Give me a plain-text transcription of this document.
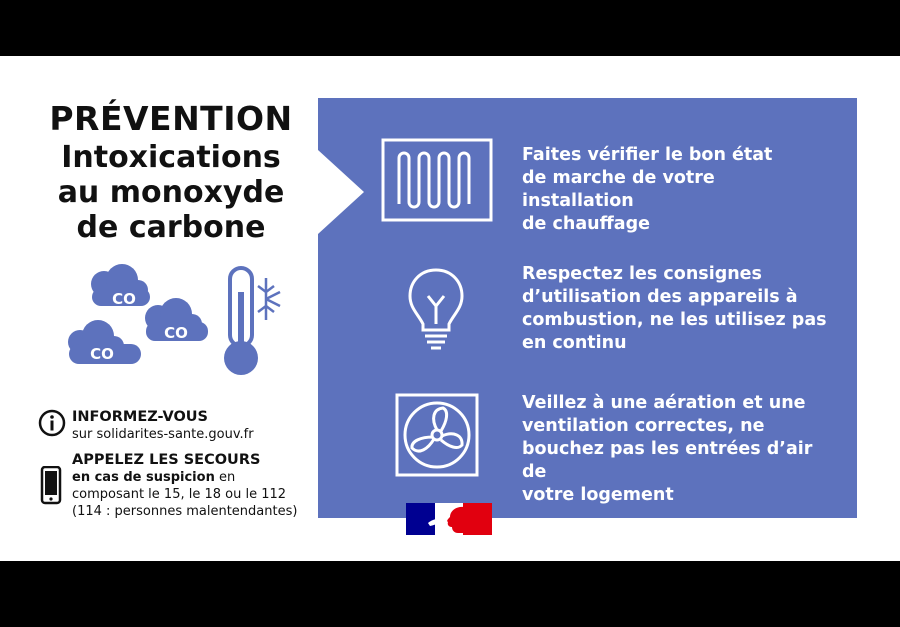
PRÉVENTION
Intoxications
au monoxyde
de carbone
CO
CO
CO
INFORMEZ-VOUS
sur solidarites-sante.gouv.fr
APPELEZ LES SECOURS
en cas de suspicion en
composant le 15, le 18 ou le 112
(114 : personnes malentendantes)
Faites vérifier le bon état
de marche de votre installation
de chauffage
Respectez les consignes
d’utilisation des appareils à
combustion, ne les utilisez pas
en continu
Veillez à une aération et une
ventilation correctes, ne
bouchez pas les entrées d’air de
votre logement
